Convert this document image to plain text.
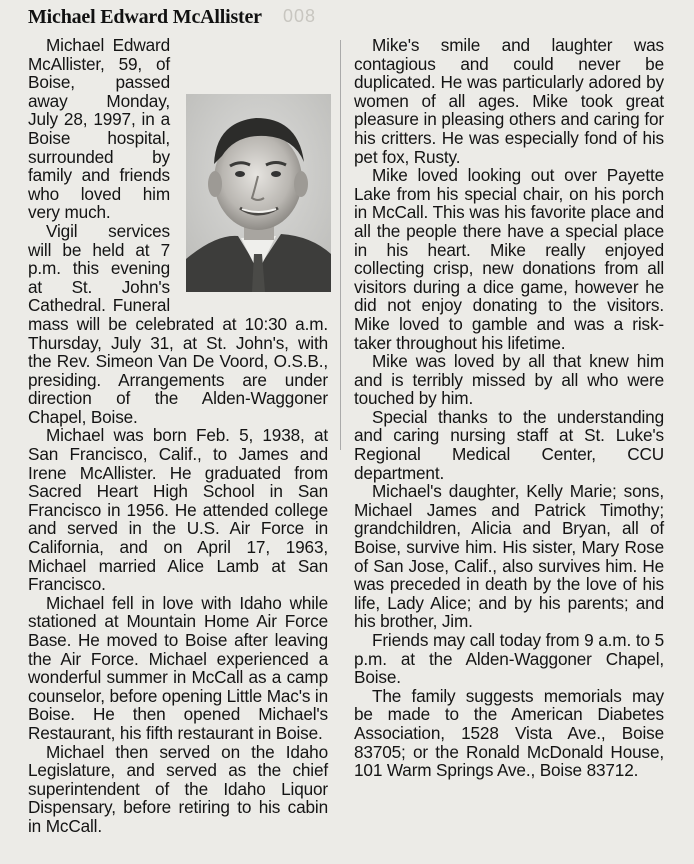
008
Michael Edward McAllister

Michael Edward McAllister, 59, of Boise, passed away Monday, July 28, 1997, in a Boise hospital, surrounded by family and friends who loved him very much.

Vigil services will be held at 7 p.m. this evening at St. John's Cathedral. Funeral mass will be celebrated at 10:30 a.m. Thursday, July 31, at St. John's, with the Rev. Simeon Van De Voord, O.S.B., presiding. Arrangements are under direction of the Alden-Waggoner Chapel, Boise.

Michael was born Feb. 5, 1938, at San Francisco, Calif., to James and Irene McAllister. He graduated from Sacred Heart High School in San Francisco in 1956. He attended college and served in the U.S. Air Force in California, and on April 17, 1963, Michael married Alice Lamb at San Francisco.

Michael fell in love with Idaho while stationed at Mountain Home Air Force Base. He moved to Boise after leaving the Air Force. Michael experienced a wonderful summer in McCall as a camp counselor, before opening Little Mac's in Boise. He then opened Michael's Restaurant, his fifth restaurant in Boise.

Michael then served on the Idaho Legislature, and served as the chief superintendent of the Idaho Liquor Dispensary, before retiring to his cabin in McCall.

Mike's smile and laughter was contagious and could never be duplicated. He was particularly adored by women of all ages. Mike took great pleasure in pleasing others and caring for his critters. He was especially fond of his pet fox, Rusty.

Mike loved looking out over Payette Lake from his special chair, on his porch in McCall. This was his favorite place and all the people there have a special place in his heart. Mike really enjoyed collecting crisp, new donations from all visitors during a dice game, however he did not enjoy donating to the visitors. Mike loved to gamble and was a risk-taker throughout his lifetime.

Mike was loved by all that knew him and is terribly missed by all who were touched by him.

Special thanks to the understanding and caring nursing staff at St. Luke's Regional Medical Center, CCU department.

Michael's daughter, Kelly Marie; sons, Michael James and Patrick Timothy; grandchildren, Alicia and Bryan, all of Boise, survive him. His sister, Mary Rose of San Jose, Calif., also survives him. He was preceded in death by the love of his life, Lady Alice; and by his parents; and his brother, Jim.

Friends may call today from 9 a.m. to 5 p.m. at the Alden-Waggoner Chapel, Boise.

The family suggests memorials may be made to the American Diabetes Association, 1528 Vista Ave., Boise 83705; or the Ronald McDonald House, 101 Warm Springs Ave., Boise 83712.
